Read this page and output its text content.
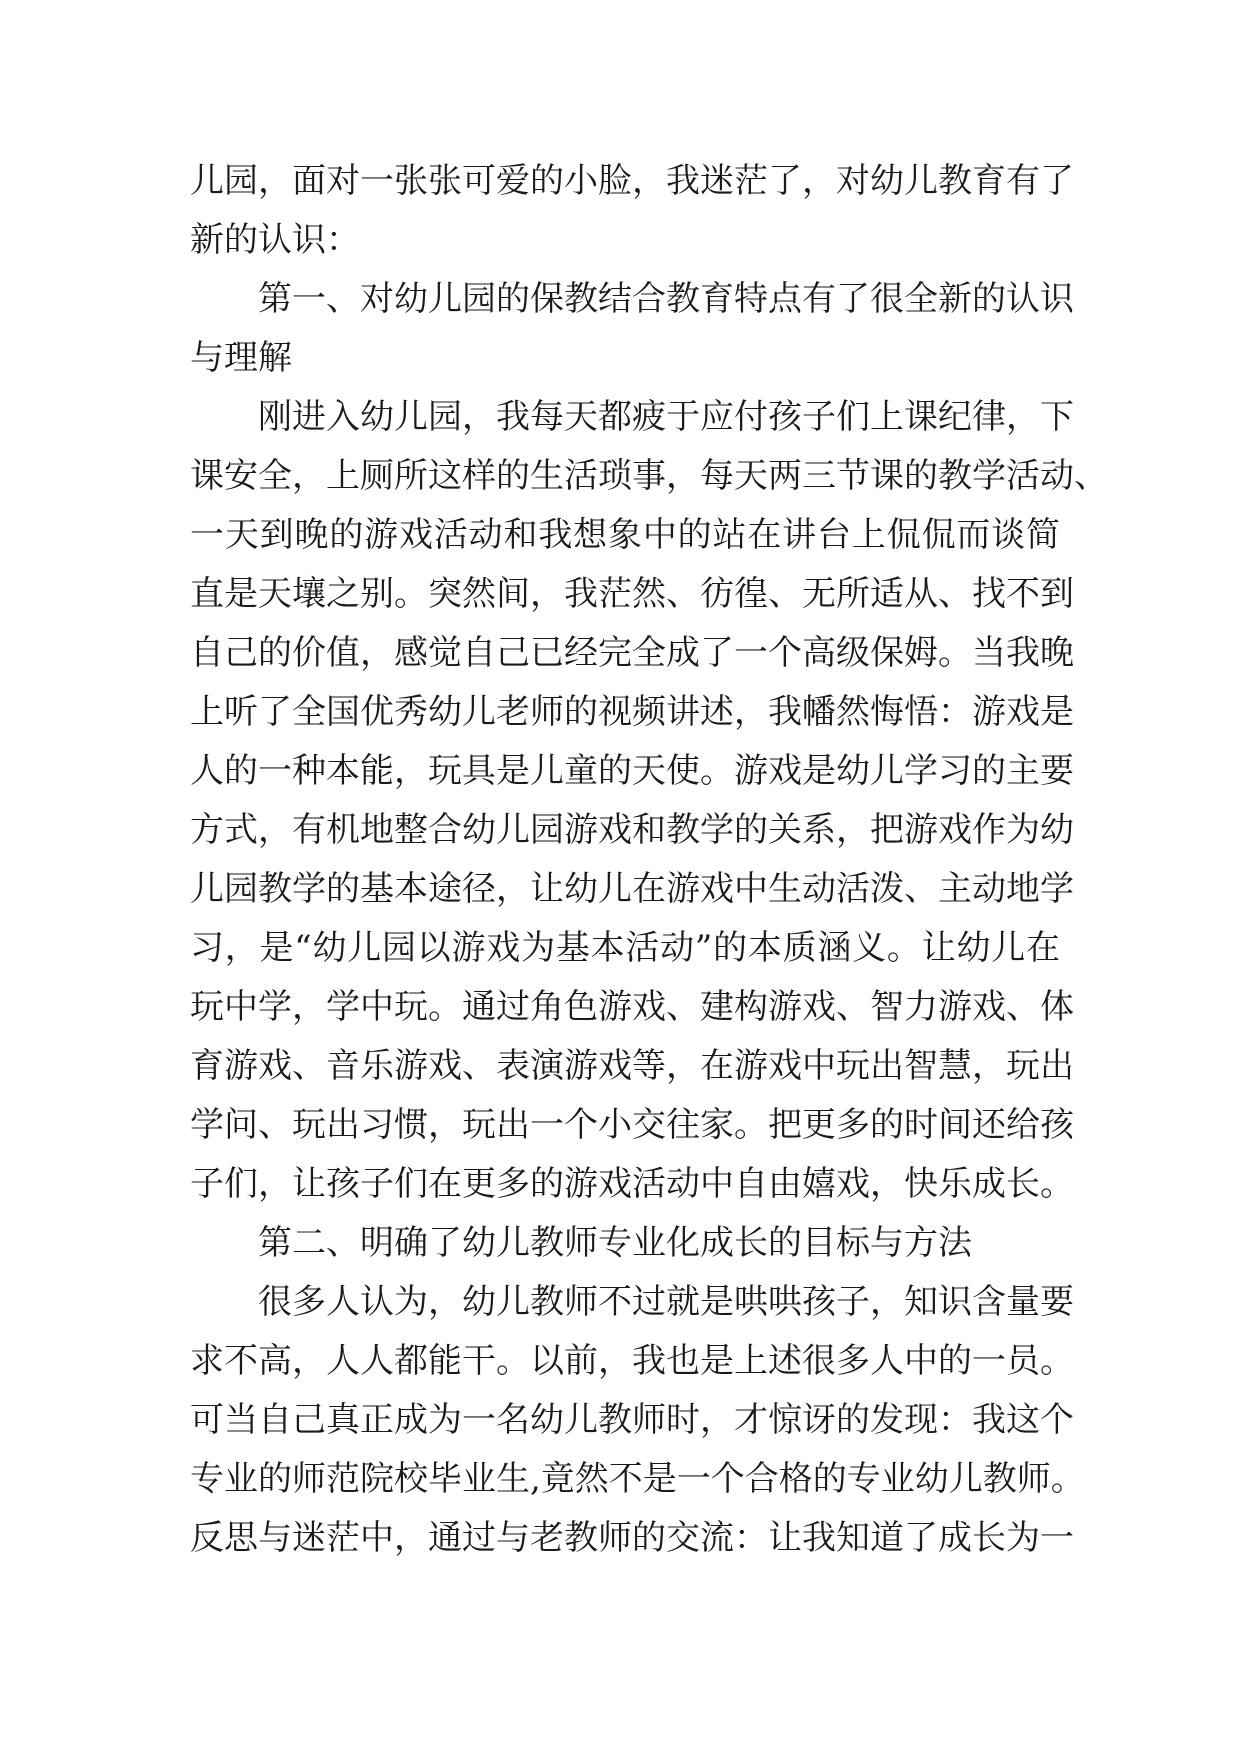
儿园，面对一张张可爱的小脸，我迷茫了，对幼儿教育有了
新的认识：
第一、对幼儿园的保教结合教育特点有了很全新的认识
与理解
刚进入幼儿园，我每天都疲于应付孩子们上课纪律，下
课安全，上厕所这样的生活琐事，每天两三节课的教学活动、
一天到晚的游戏活动和我想象中的站在讲台上侃侃而谈简
直是天壤之别。突然间，我茫然、彷徨、无所适从、找不到
自己的价值，感觉自己已经完全成了一个高级保姆。当我晚
上听了全国优秀幼儿老师的视频讲述，我幡然悔悟：游戏是
人的一种本能，玩具是儿童的天使。游戏是幼儿学习的主要
方式，有机地整合幼儿园游戏和教学的关系，把游戏作为幼
儿园教学的基本途径，让幼儿在游戏中生动活泼、主动地学
习，是“幼儿园以游戏为基本活动”的本质涵义。让幼儿在
玩中学，学中玩。通过角色游戏、建构游戏、智力游戏、体
育游戏、音乐游戏、表演游戏等，在游戏中玩出智慧，玩出
学问、玩出习惯，玩出一个小交往家。把更多的时间还给孩
子们，让孩子们在更多的游戏活动中自由嬉戏，快乐成长。
第二、明确了幼儿教师专业化成长的目标与方法
很多人认为，幼儿教师不过就是哄哄孩子，知识含量要
求不高，人人都能干。以前，我也是上述很多人中的一员。
可当自己真正成为一名幼儿教师时，才惊讶的发现：我这个
专业的师范院校毕业生,竟然不是一个合格的专业幼儿教师。
反思与迷茫中，通过与老教师的交流：让我知道了成长为一
